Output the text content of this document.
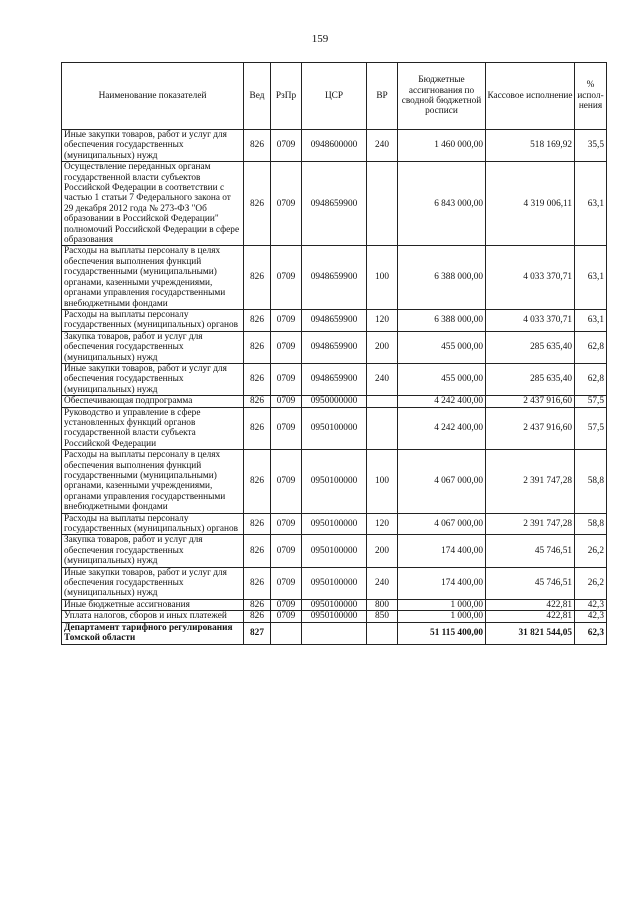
159
Наименование показателей	Вед	РзПр	ЦСР	ВР	Бюджетные ассигнования по сводной бюджетной росписи	Кассовое исполнение	% испол-нения
Иные закупки товаров, работ и услуг для обеспечения государственных (муниципальных) нужд	826	0709	0948600000	240	1 460 000,00	518 169,92	35,5
Осуществление переданных органам государственной власти субъектов Российской Федерации в соответствии с частью 1 статьи 7 Федерального закона от 29 декабря 2012 года № 273-ФЗ "Об образовании в Российской Федерации" полномочий Российской Федерации в сфере образования	826	0709	0948659900		6 843 000,00	4 319 006,11	63,1
Расходы на выплаты персоналу в целях обеспечения выполнения функций государственными (муниципальными) органами, казенными учреждениями, органами управления государственными внебюджетными фондами	826	0709	0948659900	100	6 388 000,00	4 033 370,71	63,1
Расходы на выплаты персоналу государственных (муниципальных) органов	826	0709	0948659900	120	6 388 000,00	4 033 370,71	63,1
Закупка товаров, работ и услуг для обеспечения государственных (муниципальных) нужд	826	0709	0948659900	200	455 000,00	285 635,40	62,8
Иные закупки товаров, работ и услуг для обеспечения государственных (муниципальных) нужд	826	0709	0948659900	240	455 000,00	285 635,40	62,8
Обеспечивающая подпрограмма	826	0709	0950000000		4 242 400,00	2 437 916,60	57,5
Руководство и управление в сфере установленных функций органов государственной власти субъекта Российской Федерации	826	0709	0950100000		4 242 400,00	2 437 916,60	57,5
Расходы на выплаты персоналу в целях обеспечения выполнения функций государственными (муниципальными) органами, казенными учреждениями, органами управления государственными внебюджетными фондами	826	0709	0950100000	100	4 067 000,00	2 391 747,28	58,8
Расходы на выплаты персоналу государственных (муниципальных) органов	826	0709	0950100000	120	4 067 000,00	2 391 747,28	58,8
Закупка товаров, работ и услуг для обеспечения государственных (муниципальных) нужд	826	0709	0950100000	200	174 400,00	45 746,51	26,2
Иные закупки товаров, работ и услуг для обеспечения государственных (муниципальных) нужд	826	0709	0950100000	240	174 400,00	45 746,51	26,2
Иные бюджетные ассигнования	826	0709	0950100000	800	1 000,00	422,81	42,3
Уплата налогов, сборов и иных платежей	826	0709	0950100000	850	1 000,00	422,81	42,3
Департамент тарифного регулирования Томской области	827				51 115 400,00	31 821 544,05	62,3
